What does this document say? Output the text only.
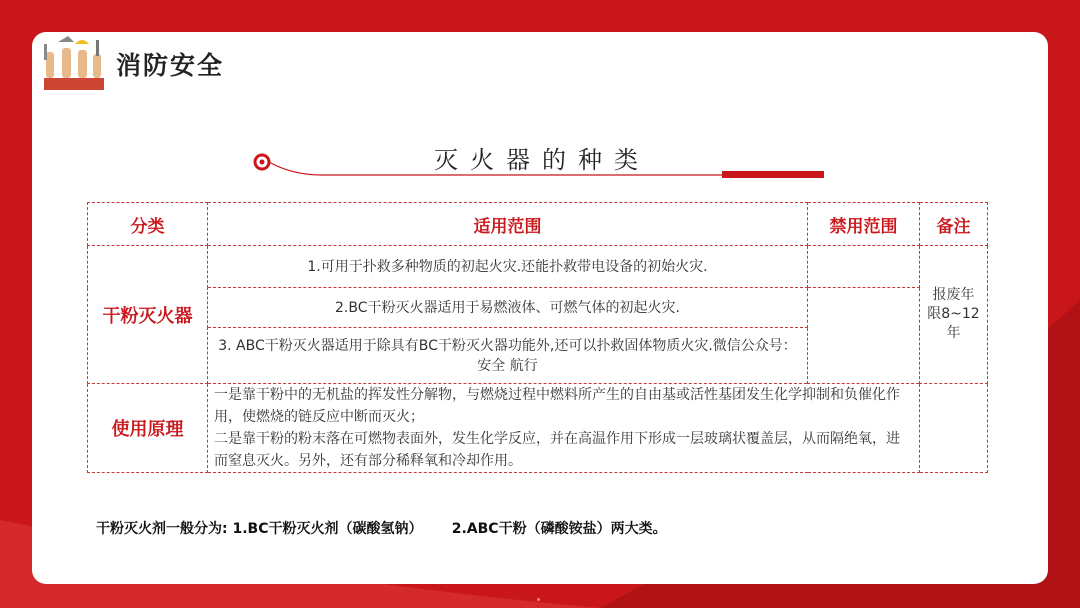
消防安全
灭火器的种类
分类	适用范围	禁用范围	备注
干粉灭火器	1.可用于扑救多种物质的初起火灾.还能扑救带电设备的初始火灾.		报废年限8~12年
	2.BC干粉灭火器适用于易燃液体、可燃气体的初起火灾.		
	3. ABC干粉灭火器适用于除具有BC干粉灭火器功能外,还可以扑救固体物质火灾.微信公众号：安全 航行		
使用原理	一是靠干粉中的无机盐的挥发性分解物，与燃烧过程中燃料所产生的自由基或活性基团发生化学抑制和负催化作用，使燃烧的链反应中断而灭火；
二是靠干粉的粉末落在可燃物表面外，发生化学反应，并在高温作用下形成一层玻璃状覆盖层，从而隔绝氧，进而窒息灭火。另外，还有部分稀释氧和冷却作用。		

干粉灭火剂一般分为: 1.BC干粉灭火剂（碳酸氢钠） 2.ABC干粉（磷酸铵盐）两大类。
